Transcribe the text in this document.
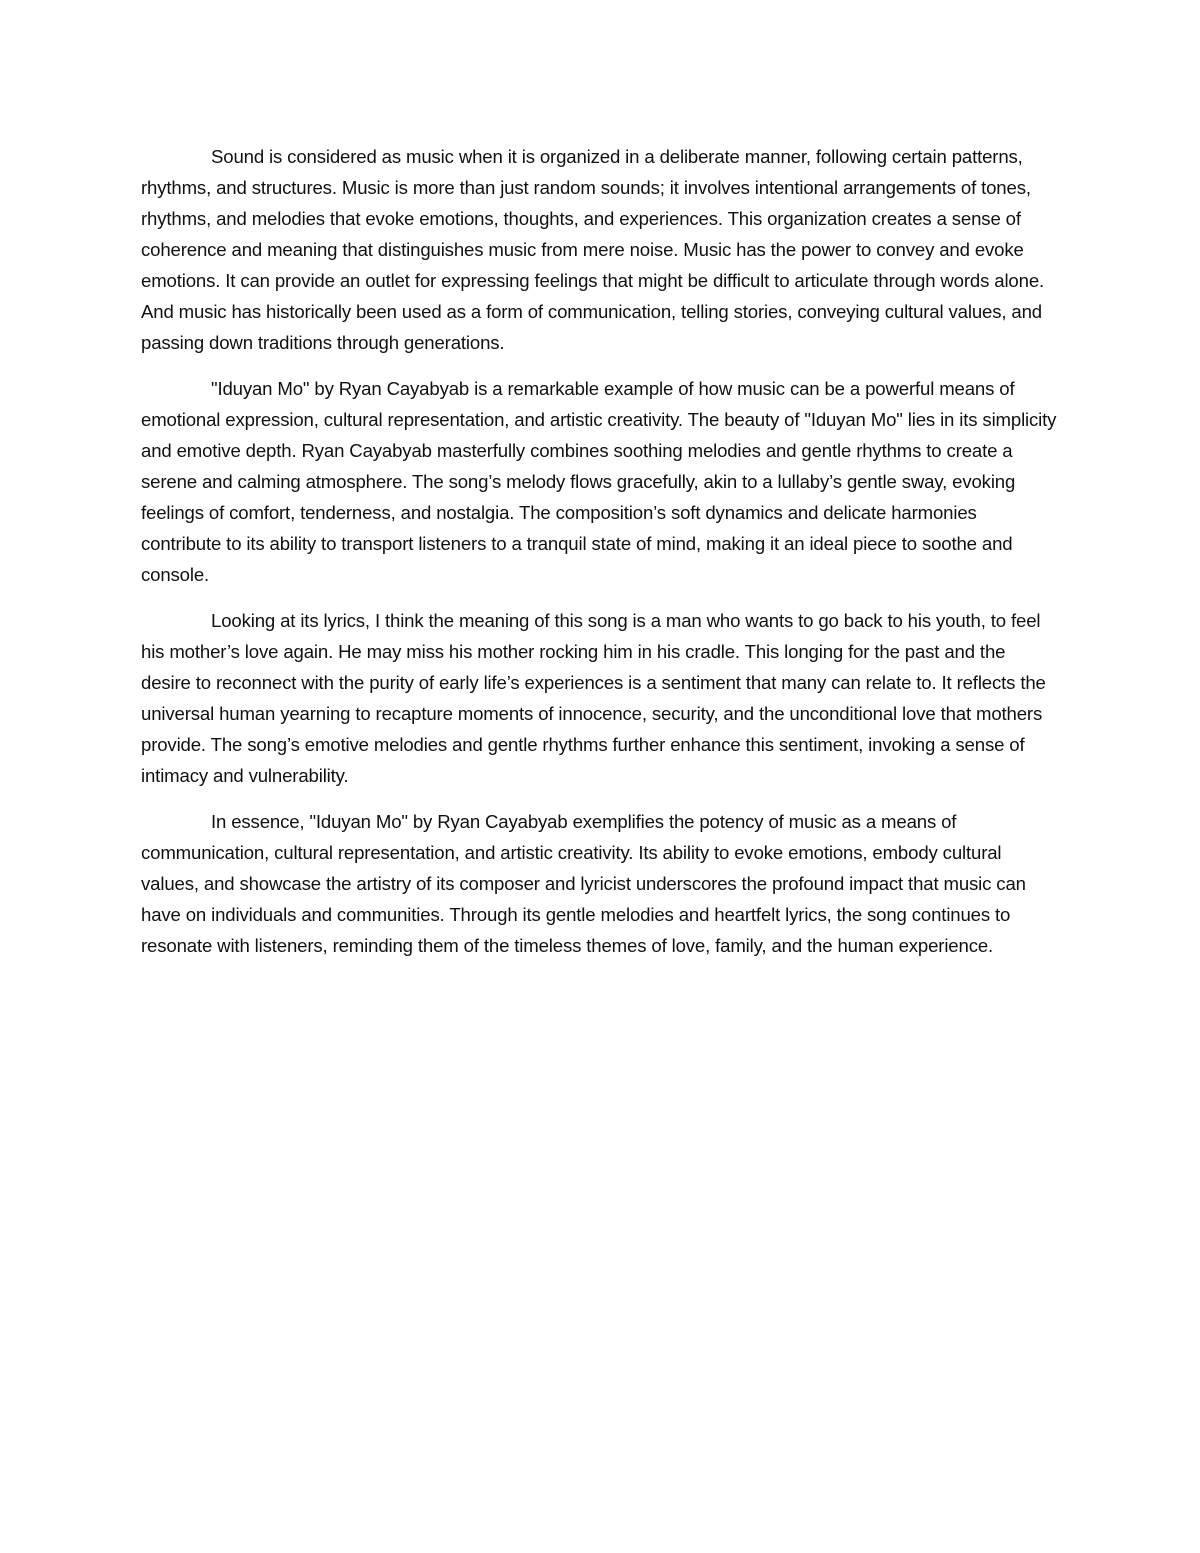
Sound is considered as music when it is organized in a deliberate manner, following certain patterns, rhythms, and structures. Music is more than just random sounds; it involves intentional arrangements of tones, rhythms, and melodies that evoke emotions, thoughts, and experiences. This organization creates a sense of coherence and meaning that distinguishes music from mere noise. Music has the power to convey and evoke emotions. It can provide an outlet for expressing feelings that might be difficult to articulate through words alone. And music has historically been used as a form of communication, telling stories, conveying cultural values, and passing down traditions through generations.

"Iduyan Mo" by Ryan Cayabyab is a remarkable example of how music can be a powerful means of emotional expression, cultural representation, and artistic creativity. The beauty of "Iduyan Mo" lies in its simplicity and emotive depth. Ryan Cayabyab masterfully combines soothing melodies and gentle rhythms to create a serene and calming atmosphere. The song’s melody flows gracefully, akin to a lullaby’s gentle sway, evoking feelings of comfort, tenderness, and nostalgia. The composition’s soft dynamics and delicate harmonies contribute to its ability to transport listeners to a tranquil state of mind, making it an ideal piece to soothe and console.

Looking at its lyrics, I think the meaning of this song is a man who wants to go back to his youth, to feel his mother’s love again. He may miss his mother rocking him in his cradle. This longing for the past and the desire to reconnect with the purity of early life’s experiences is a sentiment that many can relate to. It reflects the universal human yearning to recapture moments of innocence, security, and the unconditional love that mothers provide. The song’s emotive melodies and gentle rhythms further enhance this sentiment, invoking a sense of intimacy and vulnerability.

In essence, "Iduyan Mo" by Ryan Cayabyab exemplifies the potency of music as a means of communication, cultural representation, and artistic creativity. Its ability to evoke emotions, embody cultural values, and showcase the artistry of its composer and lyricist underscores the profound impact that music can have on individuals and communities. Through its gentle melodies and heartfelt lyrics, the song continues to resonate with listeners, reminding them of the timeless themes of love, family, and the human experience.
